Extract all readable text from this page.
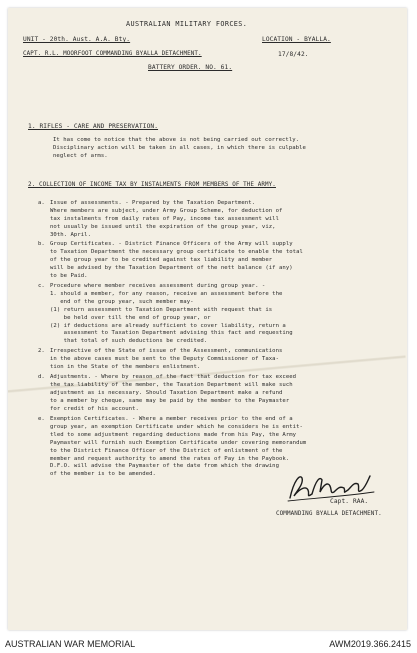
AUSTRALIAN MILITARY FORCES.
UNIT - 20th. Aust. A.A. Bty.	LOCATION - BYALLA.
CAPT. R.L. MOORFOOT COMMANDING BYALLA DETACHMENT.	17/8/42.
BATTERY ORDER. NO. 61.
1. RIFLES - CARE AND PRESERVATION.
It has come to notice that the above is not being carried out correctly.
Disciplinary action will be taken in all cases, in which there is culpable
neglect of arms.
2. COLLECTION OF INCOME TAX BY INSTALMENTS FROM MEMBERS OF THE ARMY.
a. Issue of assessments. - Prepared by the Taxation Department.
Where members are subject, under Army Group Scheme, for deduction of
tax instalments from daily rates of Pay, income tax assessment will
not usually be issued until the expiration of the group year, viz,
30th. April.
b. Group Certificates. - District Finance Officers of the Army will supply
to Taxation Department the necessary group certificate to enable the total
of the group year to be credited against tax liability and member
will be advised by the Taxation Department of the nett balance (if any)
to be Paid.
c. Procedure where member receives assessment during group year. -
1. should a member, for any reason, receive an assessment before the
end of the group year, such member may-
(1) return assessment to Taxation Department with request that is
be held over till the end of group year, or
(2) if deductions are already sufficient to cover liability, return a
assessment to Taxation Department advising this fact and requesting
that total of such deductions be credited.
2. Irrespective of the State of issue of the Assessment, communications
in the above cases must be sent to the Deputy Commissioner of Taxa-
tion in the State of the members enlistment.
d. Adjustments. - Where by reason of the fact that deduction for tax exceed
the tax liability of the member, the Taxation Department will make such
adjustment as is necessary. Should Taxation Department make a refund
to a member by cheque, same may be paid by the member to the Paymaster
for credit of his account.
e. Exemption Certificates. - Where a member receives prior to the end of a
group year, an exemption Certificate under which he considers he is entit-
tled to some adjustment regarding deductions made from his Pay, the Army
Paymaster will furnish such Exemption Certificate under covering memorandum
to the District Finance Officer of the District of enlistment of the
member and request authority to amend the rates of Pay in the Paybook.
D.F.O. will advise the Paymaster of the date from which the drawing
of the member is to be amended.
Capt. RAA.
COMMANDING BYALLA DETACHMENT.
AUSTRALIAN WAR MEMORIAL	AWM2019.366.2415
